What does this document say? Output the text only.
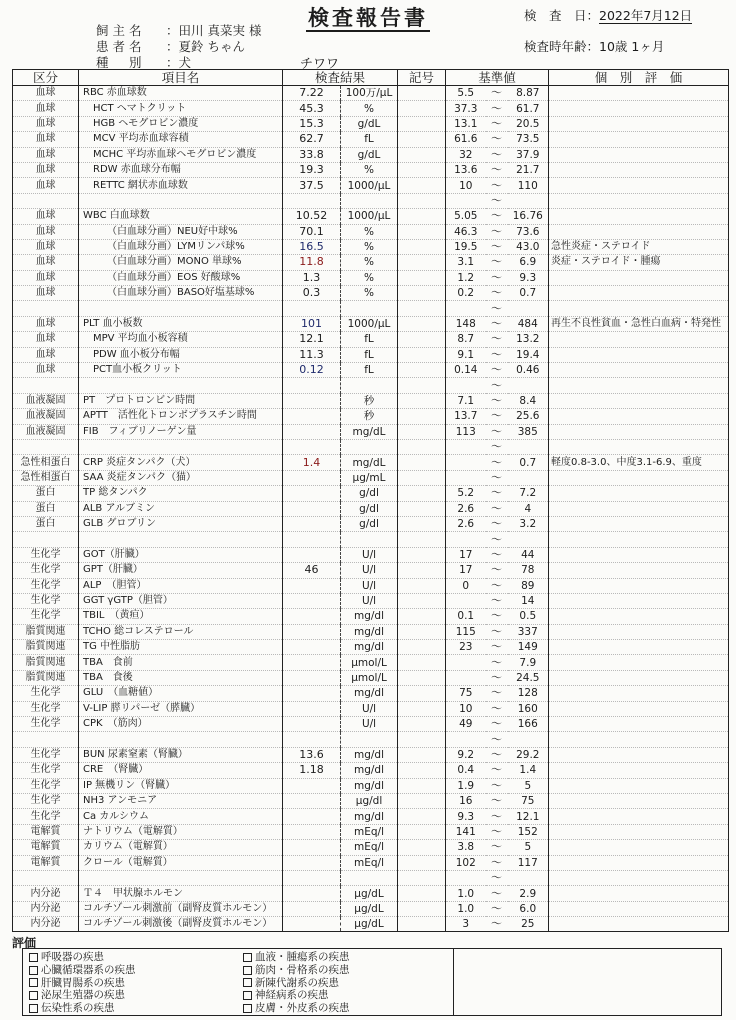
検査報告書	検　査　日：2022年7月12日
検査時年齢：10歳 1ヶ月
飼主名 ：田川 真菜実 様
患者名 ：夏鈴 ちゃん
種　別 ：犬	チワワ
区分	項目名	検査結果		記号	基準値			個　別　評　価
血球	RBC 赤血球数	7.22	100万/μL		5.5	〜	8.87	
血球	HCT ヘマトクリット	45.3	%		37.3	〜	61.7	
血球	HGB ヘモグロビン濃度	15.3	g/dL		13.1	〜	20.5	
血球	MCV 平均赤血球容積	62.7	fL		61.6	〜	73.5	
血球	MCHC 平均赤血球ヘモグロビン濃度	33.8	g/dL		32	〜	37.9	
血球	RDW 赤血球分布幅	19.3	%		13.6	〜	21.7	
血球	RETTC 網状赤血球数	37.5	1000/μL		10	〜	110	
						〜		
血球	WBC 白血球数	10.52	1000/μL		5.05	〜	16.76	
血球	（白血球分画）NEU好中球%	70.1	%		46.3	〜	73.6	
血球	（白血球分画）LYMリンパ球%	16.5	%		19.5	〜	43.0	急性炎症・ステロイド
血球	（白血球分画）MONO 単球%	11.8	%		3.1	〜	6.9	炎症・ステロイド・腫瘍
血球	（白血球分画）EOS 好酸球%	1.3	%		1.2	〜	9.3	
血球	（白血球分画）BASO好塩基球%	0.3	%		0.2	〜	0.7	
						〜		
血球	PLT 血小板数	101	1000/μL		148	〜	484	再生不良性貧血・急性白血病・特発性
血球	MPV 平均血小板容積	12.1	fL		8.7	〜	13.2	
血球	PDW 血小板分布幅	11.3	fL		9.1	〜	19.4	
血球	PCT血小板クリット	0.12	fL		0.14	〜	0.46	
						〜		
血液凝固	PT　プロトロンビン時間		秒		7.1	〜	8.4	
血液凝固	APTT　活性化トロンボプラスチン時間		秒		13.7	〜	25.6	
血液凝固	FIB　フィブリノーゲン量		mg/dL		113	〜	385	
						〜		
急性相蛋白	CRP 炎症タンパク（犬）	1.4	mg/dL			〜	0.7	軽度0.8-3.0、中度3.1-6.9、重度
急性相蛋白	SAA 炎症タンパク（猫）		μg/mL			〜		
蛋白	TP 総タンパク		g/dl		5.2	〜	7.2	
蛋白	ALB アルブミン		g/dl		2.6	〜	4	
蛋白	GLB グロブリン		g/dl		2.6	〜	3.2	
						〜		
生化学	GOT（肝臓）		U/l		17	〜	44	
生化学	GPT（肝臓）	46	U/l		17	〜	78	
生化学	ALP　（胆管）		U/l		0	〜	89	
生化学	GGT γGTP（胆管）		U/l			〜	14	
生化学	TBIL　（黄疸）		mg/dl		0.1	〜	0.5	
脂質関連	TCHO 総コレステロール		mg/dl		115	〜	337	
脂質関連	TG 中性脂肪		mg/dl		23	〜	149	
脂質関連	TBA　食前		μmol/L			〜	7.9	
脂質関連	TBA　食後		μmol/L			〜	24.5	
生化学	GLU　（血糖値）		mg/dl		75	〜	128	
生化学	V-LIP 膵リパーゼ（膵臓）		U/l		10	〜	160	
生化学	CPK　（筋肉）		U/l		49	〜	166	
						〜		
生化学	BUN 尿素窒素（腎臓）	13.6	mg/dl		9.2	〜	29.2	
生化学	CRE　（腎臓）	1.18	mg/dl		0.4	〜	1.4	
生化学	IP 無機リン（腎臓）		mg/dl		1.9	〜	5	
生化学	NH3 アンモニア		μg/dl		16	〜	75	
生化学	Ca カルシウム		mg/dl		9.3	〜	12.1	
電解質	ナトリウム（電解質）		mEq/l		141	〜	152	
電解質	カリウム（電解質）		mEq/l		3.8	〜	5	
電解質	クロール（電解質）		mEq/l		102	〜	117	
						〜		
内分泌	Ｔ４　甲状腺ホルモン		μg/dL		1.0	〜	2.9	
内分泌	コルチゾール刺激前（副腎皮質ホルモン）		μg/dL		1.0	〜	6.0	
内分泌	コルチゾール刺激後（副腎皮質ホルモン）		μg/dL		3	〜	25	
評価
呼吸器の疾患
心臓循環器系の疾患
肝臓胃腸系の疾患
泌尿生殖器の疾患
伝染性系の疾患
血液・腫瘍系の疾患
筋肉・骨格系の疾患
新陳代謝系の疾患
神経病系の疾患
皮膚・外皮系の疾患
